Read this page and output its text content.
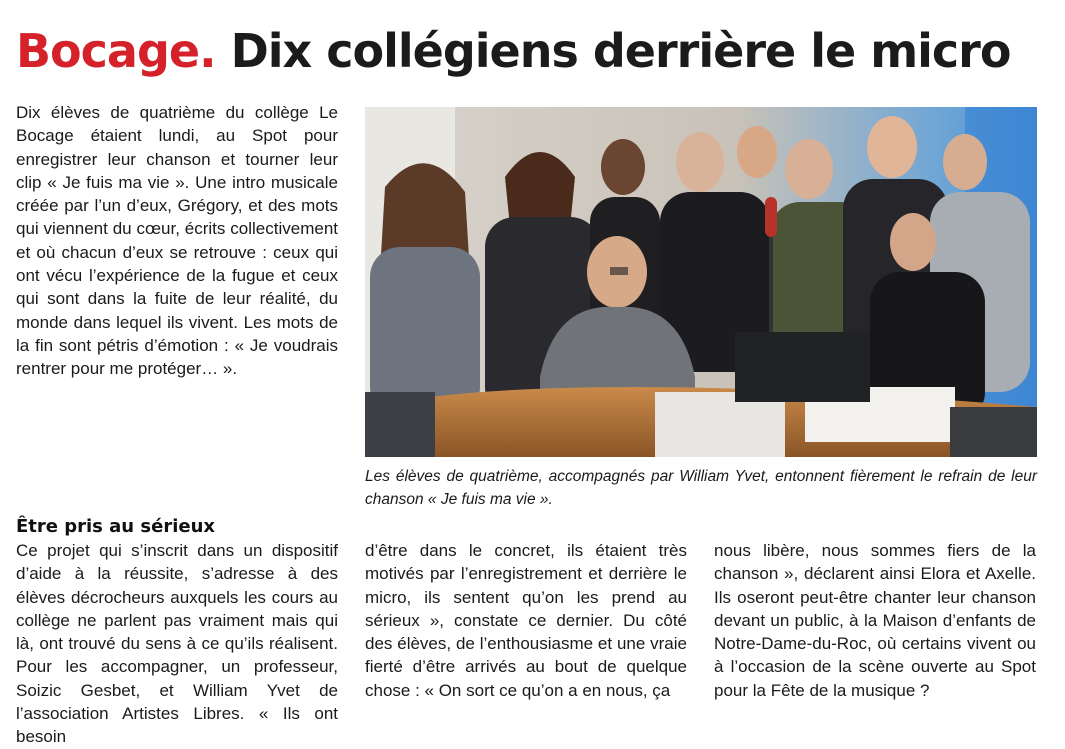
Bocage. Dix collégiens derrière le micro

Dix élèves de quatrième du collège Le Bocage étaient lundi, au Spot pour enregistrer leur chanson et tourner leur clip « Je fuis ma vie ». Une intro musicale créée par l’un d’eux, Grégory, et des mots qui viennent du cœur, écrits collectivement et où chacun d’eux se retrouve : ceux qui ont vécu l’expérience de la fugue et ceux qui sont dans la fuite de leur réalité, du monde dans lequel ils vivent. Les mots de la fin sont pétris d’émotion : « Je voudrais rentrer pour me protéger… ».

Être pris au sérieux

Ce projet qui s’inscrit dans un dispositif d’aide à la réussite, s’adresse à des élèves décrocheurs auxquels les cours au collège ne parlent pas vraiment mais qui là, ont trouvé du sens à ce qu’ils réalisent. Pour les accompagner, un professeur, Soizic Gesbet, et William Yvet de l’association Artistes Libres. « Ils ont besoin

Les élèves de quatrième, accompagnés par William Yvet, entonnent fièrement le refrain de leur chanson « Je fuis ma vie ».

d’être dans le concret, ils étaient très motivés par l’enregistrement et derrière le micro, ils sentent qu’on les prend au sérieux », constate ce dernier. Du côté des élèves, de l’enthousiasme et une vraie fierté d’être arrivés au bout de quelque chose : « On sort ce qu’on a en nous, ça

nous libère, nous sommes fiers de la chanson », déclarent ainsi Elora et Axelle. Ils oseront peut-être chanter leur chanson devant un public, à la Maison d’enfants de Notre-Dame-du-Roc, où certains vivent ou à l’occasion de la scène ouverte au Spot pour la Fête de la musique ?
